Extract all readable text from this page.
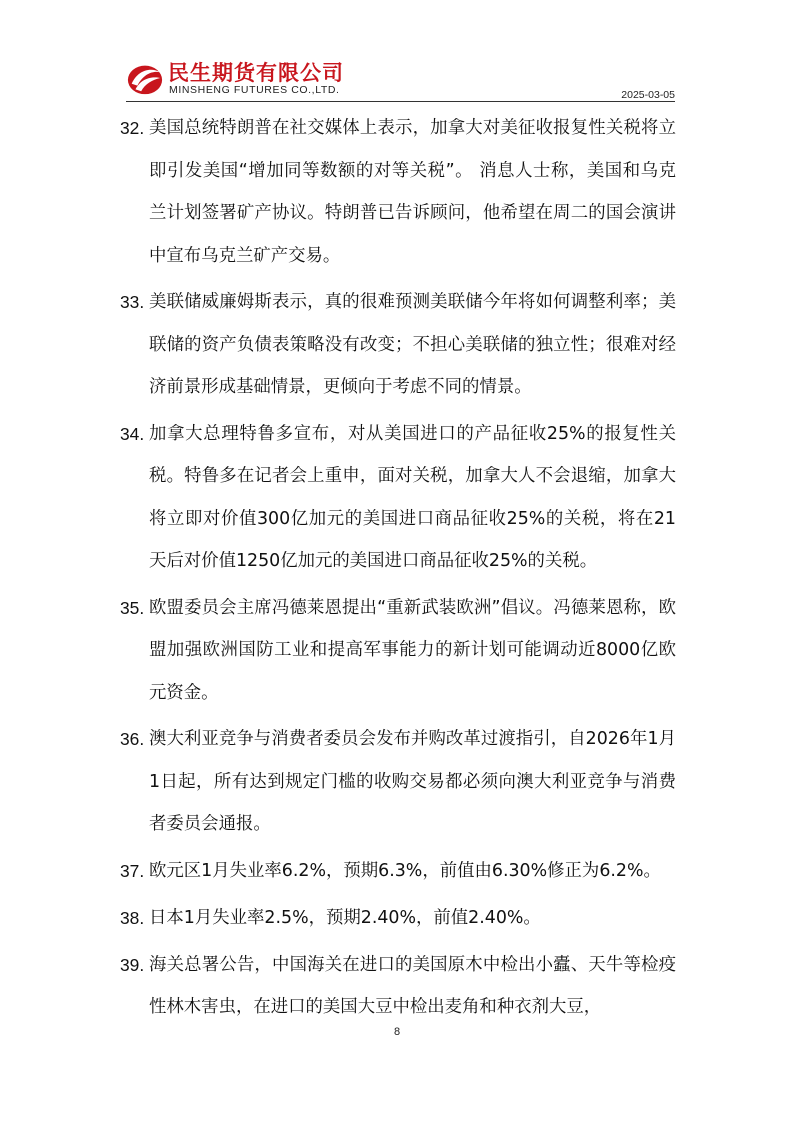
民生期货有限公司
MINSHENG FUTURES CO.,LTD.	2025-03-05
32. 美国总统特朗普在社交媒体上表示，加拿大对美征收报复性关税将立即引发美国“增加同等数额的对等关税”。 消息人士称，美国和乌克兰计划签署矿产协议。特朗普已告诉顾问，他希望在周二的国会演讲中宣布乌克兰矿产交易。
33. 美联储威廉姆斯表示，真的很难预测美联储今年将如何调整利率；美联储的资产负债表策略没有改变；不担心美联储的独立性；很难对经济前景形成基础情景，更倾向于考虑不同的情景。
34. 加拿大总理特鲁多宣布，对从美国进口的产品征收25%的报复性关税。特鲁多在记者会上重申，面对关税，加拿大人不会退缩，加拿大将立即对价值300亿加元的美国进口商品征收25%的关税，将在21天后对价值1250亿加元的美国进口商品征收25%的关税。
35. 欧盟委员会主席冯德莱恩提出“重新武装欧洲”倡议。冯德莱恩称，欧盟加强欧洲国防工业和提高军事能力的新计划可能调动近8000亿欧元资金。
36. 澳大利亚竞争与消费者委员会发布并购改革过渡指引，自2026年1月1日起，所有达到规定门槛的收购交易都必须向澳大利亚竞争与消费者委员会通报。
37. 欧元区1月失业率6.2%，预期6.3%，前值由6.30%修正为6.2%。
38. 日本1月失业率2.5%，预期2.40%，前值2.40%。
39. 海关总署公告，中国海关在进口的美国原木中检出小蠹、天牛等检疫性林木害虫，在进口的美国大豆中检出麦角和种衣剂大豆，
8
